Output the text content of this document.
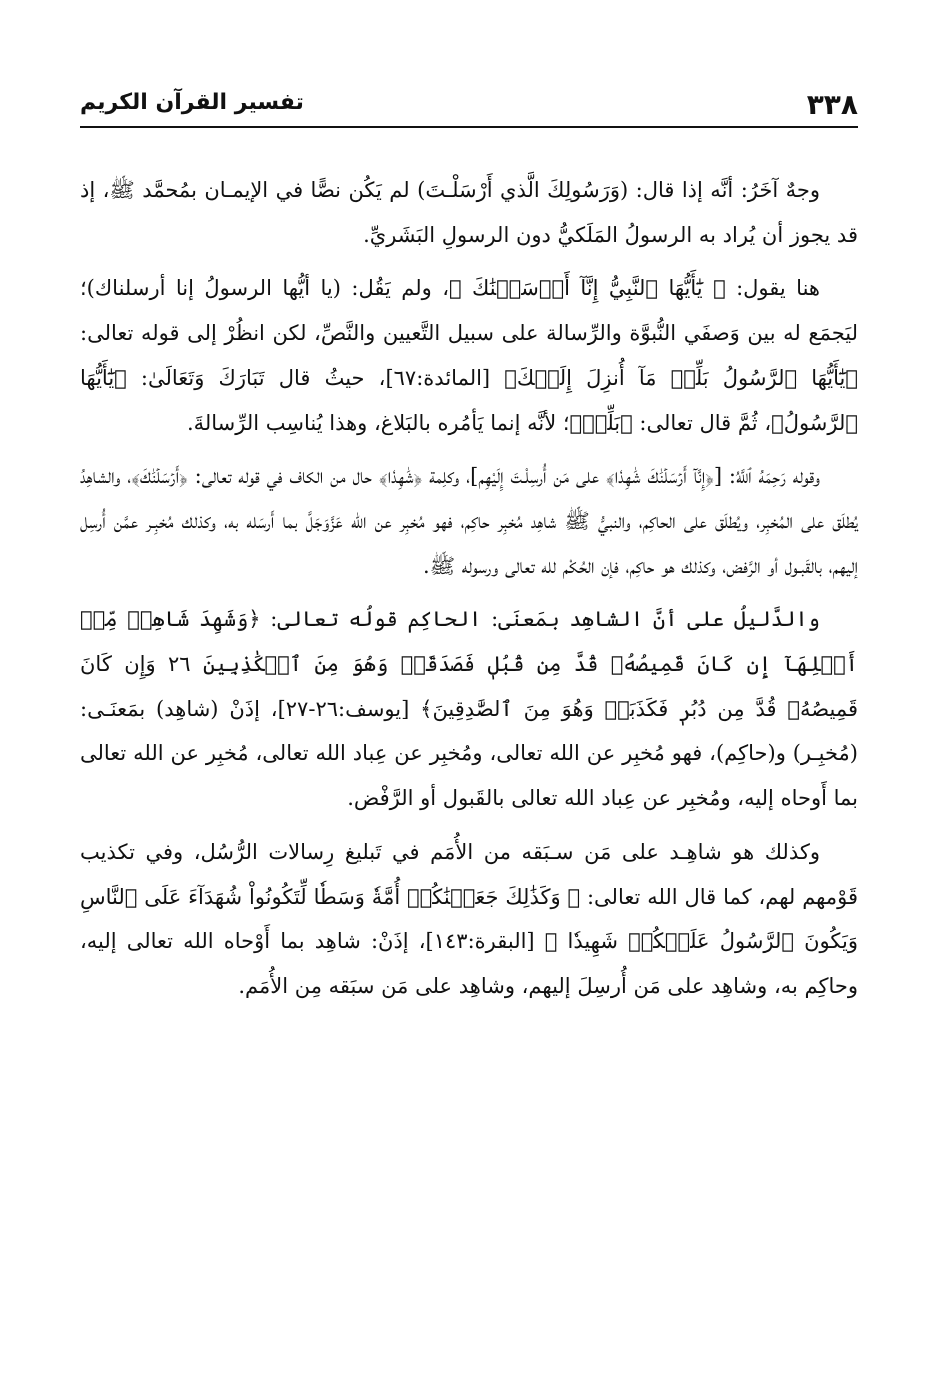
٣٣٨
تفسير القرآن الكريم

وجهٌ آخَرُ: أنَّه إذا قال: (وَرَسُولِكَ الَّذي أَرْسَلْـتَ) لم يَكُن نصًّا في الإيمـان بمُحمَّد ﷺ، إذ قد يجوز أن يُراد به الرسولُ المَلَكيُّ دون الرسولِ البَشَريِّ.

هنا يقول: ﴿ يَٰٓأَيُّهَا ٱلنَّبِيُّ إِنَّآ أَرۡسَلۡنَٰكَ ﴾، ولم يَقُل: (يا أيُّها الرسولُ إنا أرسلناك)؛ ليَجمَع له بين وَصفَي النُّبوَّة والرِّسالة على سبيل التَّعيين والنَّصِّ، لكن انظُرْ إلى قوله تعالى: ﴿يَٰٓأَيُّهَا ٱلرَّسُولُ بَلِّغۡ مَآ أُنزِلَ إِلَيۡكَ﴾ [المائدة:٦٧]، حيثُ قال تَبَارَكَ وَتَعَالَىٰ: ﴿يَٰٓأَيُّهَا ٱلرَّسُولُ﴾، ثُمَّ قال تعالى: ﴿بَلِّغۡ﴾؛ لأنَّه إنما يَأمُره بالبَلاغ، وهذا يُناسِب الرِّسالةَ.

وقوله رَحِمَهُ ٱللَّهُ: [﴿إِنَّآ أَرۡسَلۡنَٰكَ شَٰهِدٗا﴾ على مَن أُرسِلْـتَ إِلَيْهِم]، وكلِمة ﴿شَٰهِدٗا﴾ حال من الكاف في قوله تعالى: ﴿أَرۡسَلۡنَٰكَ﴾، والشاهِدُ يُطلَق على المُخبِر، ويُطلَق على الحاكِم، والنبيُّ ﷺ شاهِد مُخبِر حاكِم، فهو مُخبِر عن الله عَزَّوَجَلَّ بما أَرسَله به، وكذلك مُخبِـر عمَّن أُرسِل إليهم، بالقَبـول أو الرَّفض، وكذلك هو حاكِم، فإن الحُكْم لله تعالى ورسوله ﷺ.

والدَّليلُ على أنَّ الشاهِد بمَعنَى: الحاكِم قولُه تعالى: ﴿وَشَهِدَ شَاهِدٞ مِّنۡ أَهۡلِهَآ إِن كَانَ قَمِيصُهُۥ قُدَّ مِن قُبُلٖ فَصَدَقَتۡ وَهُوَ مِنَ ٱلۡكَٰذِبِينَ ٢٦ وَإِن كَانَ قَمِيصُهُۥ قُدَّ مِن دُبُرٖ فَكَذَبَتۡ وَهُوَ مِنَ ٱلصَّٰدِقِينَ﴾ [يوسف:٢٦-٢٧]، إذَنْ (شاهِد) بمَعنَـى: (مُخبِـر) و(حاكِم)، فهو مُخبِر عن الله تعالى، ومُخبِر عن عِباد الله تعالى، مُخبِر عن الله تعالى بما أَوحاه إليه، ومُخبِر عن عِباد الله تعالى بالقَبول أو الرَّفْض.

وكذلك هو شاهِـد على مَن سـبَقه من الأُمَم في تَبليغ رِسالات الرُّسُل، وفي تكذيب قَوْمهم لهم، كما قال الله تعالى: ﴿ وَكَذَٰلِكَ جَعَلۡنَٰكُمۡ أُمَّةٗ وَسَطٗا لِّتَكُونُواْ شُهَدَآءَ عَلَى ٱلنَّاسِ وَيَكُونَ ٱلرَّسُولُ عَلَيۡكُمۡ شَهِيدٗا ﴾ [البقرة:١٤٣]، إذَنْ: شاهِد بما أَوْحاه الله تعالى إليه، وحاكِم به، وشاهِد على مَن أُرسِلَ إليهم، وشاهِد على مَن سبَقه مِن الأُمَم.
